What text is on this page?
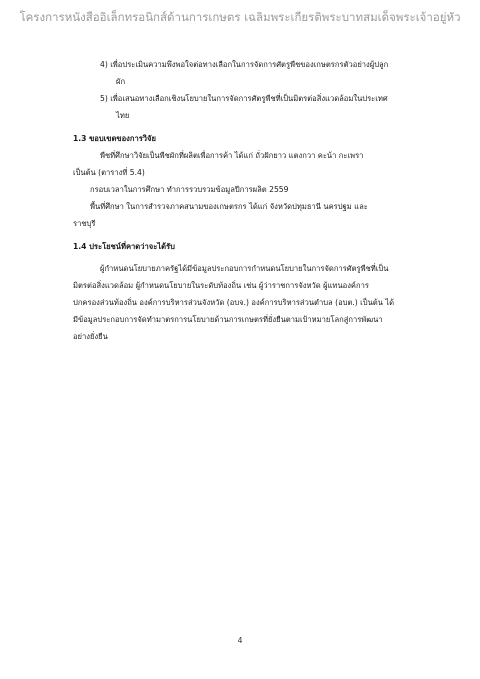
โครงการหนังสืออิเล็กทรอนิกส์ด้านการเกษตร เฉลิมพระเกียรติพระบาทสมเด็จพระเจ้าอยู่หัว
4) เพื่อประเมินความพึงพอใจต่อทางเลือกในการจัดการศัตรูพืชของเกษตรกรตัวอย่างผู้ปลูก
ผัก
5) เพื่อเสนอทางเลือกเชิงนโยบายในการจัดการศัตรูพืชที่เป็นมิตรต่อสิ่งแวดล้อมในประเทศ
ไทย
1.3 ขอบเขตของการวิจัย
พืชที่ศึกษาวิจัยเป็นพืชผักที่ผลิตเพื่อการค้า ได้แก่ ถั่วฝักยาว แตงกวา คะน้า กะเพรา
เป็นต้น (ตารางที่ 5.4)
กรอบเวลาในการศึกษา ทำการรวบรวมข้อมูลปีการผลิต 2559
พื้นที่ศึกษา ในการสำรวจภาคสนามของเกษตรกร ได้แก่ จังหวัดปทุมธานี นครปฐม และ
ราชบุรี
1.4 ประโยชน์ที่คาดว่าจะได้รับ
ผู้กำหนดนโยบายภาครัฐได้มีข้อมูลประกอบการกำหนดนโยบายในการจัดการศัตรูพืชที่เป็น
มิตรต่อสิ่งแวดล้อม ผู้กำหนดนโยบายในระดับท้องถิ่น เช่น ผู้ว่าราชการจังหวัด ผู้แทนองค์การ
ปกครองส่วนท้องถิ่น องค์การบริหารส่วนจังหวัด (อบจ.) องค์การบริหารส่วนตำบล (อบต.) เป็นต้น ได้
มีข้อมูลประกอบการจัดทำมาตรการนโยบายด้านการเกษตรที่ยั่งยืนตามเป้าหมายโลกสู่การพัฒนา
อย่างยั่งยืน
4
